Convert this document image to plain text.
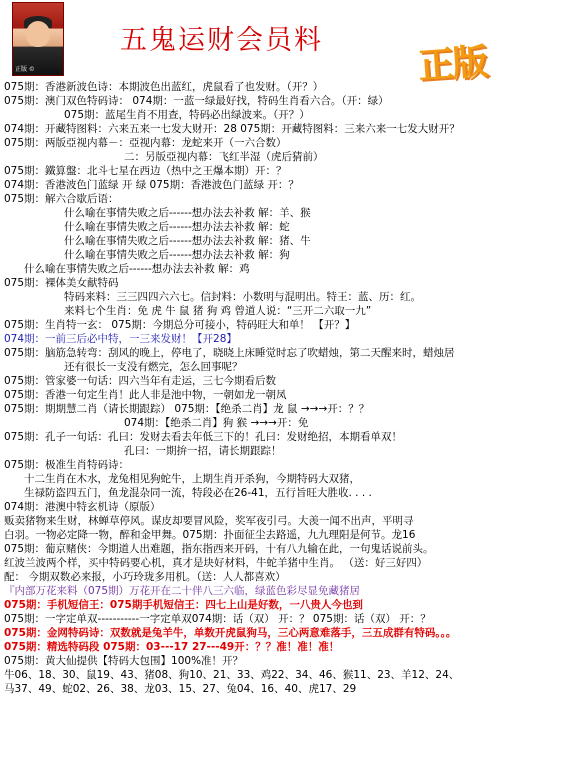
正版 ©
五鬼运财会员料
正版
075期：香港新波色诗：本期波色出蓝红，虎鼠看了也发财。（开？）
075期：澳门双色特码诗： 074期：一蓝一绿最好找，特码生肖看六合。（开：绿）
075期：蓝尾生肖不用查，特码必出绿波来。（开？）
074期：开藏特图料：六来五来一七发大财开：28 075期：开藏特图料：三来六来一七发大财开？
075期：两版亞视内幕－：亞视内幕：龙蛇来开（一六合数）
二：另版亞视内幕：飞红半湿（虎后猜前）
075期：鐵算盤：北斗七星在西边（热中之王爆本期）开：？
074期：香港波色门蓝绿 开 绿 075期：香港波色门蓝绿 开：？
075期：解六合歇后语：
什么喻在事情失败之后------想办法去补救 解：羊、猴
什么喻在事情失败之后------想办法去补救 解：蛇
什么喻在事情失败之后------想办法去补救 解：猪、牛
什么喻在事情失败之后------想办法去补救 解：狗
什么喻在事情失败之后------想办法去补救 解：鸡
075期：裸体美女献特码
特码来料：三三四四六六七。信封料：小数明与混明出。特王：蓝、历：红。
来料七个生肖：免 虎 牛 鼠 猪 狗 鸡 曾道人说：“三开二六取一九”
075期：生肖特一玄： 075期：今期总分可接小，特码旺大和单！ 【开？】
074期：一前三后必中特，一三来发财！【开28】
075期：脑筋急转弯：刮风的晚上，停电了，晓晓上床睡觉时忘了吹蜡烛，第二天醒来时，蜡烛居
还有很长一支没有燃完，怎么回事呢？
075期：管家婆一句话：四六当年有走运，三七今期看后数
075期：香港一句定生肖！此人非是池中物，一朝如龙一朝凤
075期：期期慧二肖（请长期跟踪） 075期：【绝杀二肖】龙 鼠 →→→开：？？
074期：【绝杀二肖】狗 猴 →→→开：免
075期：孔子一句话：孔曰：发财去看去年低三下的！孔曰：发财绝招，本期看单双！
孔曰：一期拚一招，请长期跟踪！
075期：极准生肖特码诗：
十二生肖在木水，龙兔相见狗蛇牛，上期生肖开杀狗，今期特码大双猪，
生禄防盗四五门，鱼龙混杂同一流，特段必在26-41，五行旨旺大胜收. . . .
074期：港澳中特玄机诗（原版）
贩卖猪物来生财，林蝉草停风。谋皮却要冒风险，奖军夜引弓。大羡一闻不出声，平明寻
白羽。一物必定降一物，醉和金甲舞。075期：扑面征尘去路遥，九九理阳是何节。龙16
075期：葡京赌侠：今期道人出难题，指东指西来开码，十有八九输在此，一句鬼话说前头。
红波兰波两个样，买中特码要心机，真才是块好材料，牛蛇羊猪中生肖。 （送：好三好四）
配： 今期双数必来报，小巧玲珑多用机。（送：人人都喜欢）
『内部万花来料（075期）万花开在二十伴八三六临，绿蓝色彩尽显免藏猪居
075期：手机短信王：075期手机短信王：四七上山是好数，一八贵人今也到
075期：一字定单双-----------一字定单双074期：话（双） 开：？ 075期：话（双） 开：？
075期：金网特码诗：双数就是兔羊牛，单数开虎鼠狗马，三心两意难落手，三五成群有特码。。。
075期：精选特码段 075期：03---17 27---49开：？？准！准！准！
075期：黄大仙提供【特码大包围】100%准！开？
牛06、18、30、鼠19、43、猪08、狗10、21、33、鸡22、34、46、猴11、23、羊12、24、
马37、49、蛇02、26、38、龙03、15、27、兔04、16、40、虎17、29
